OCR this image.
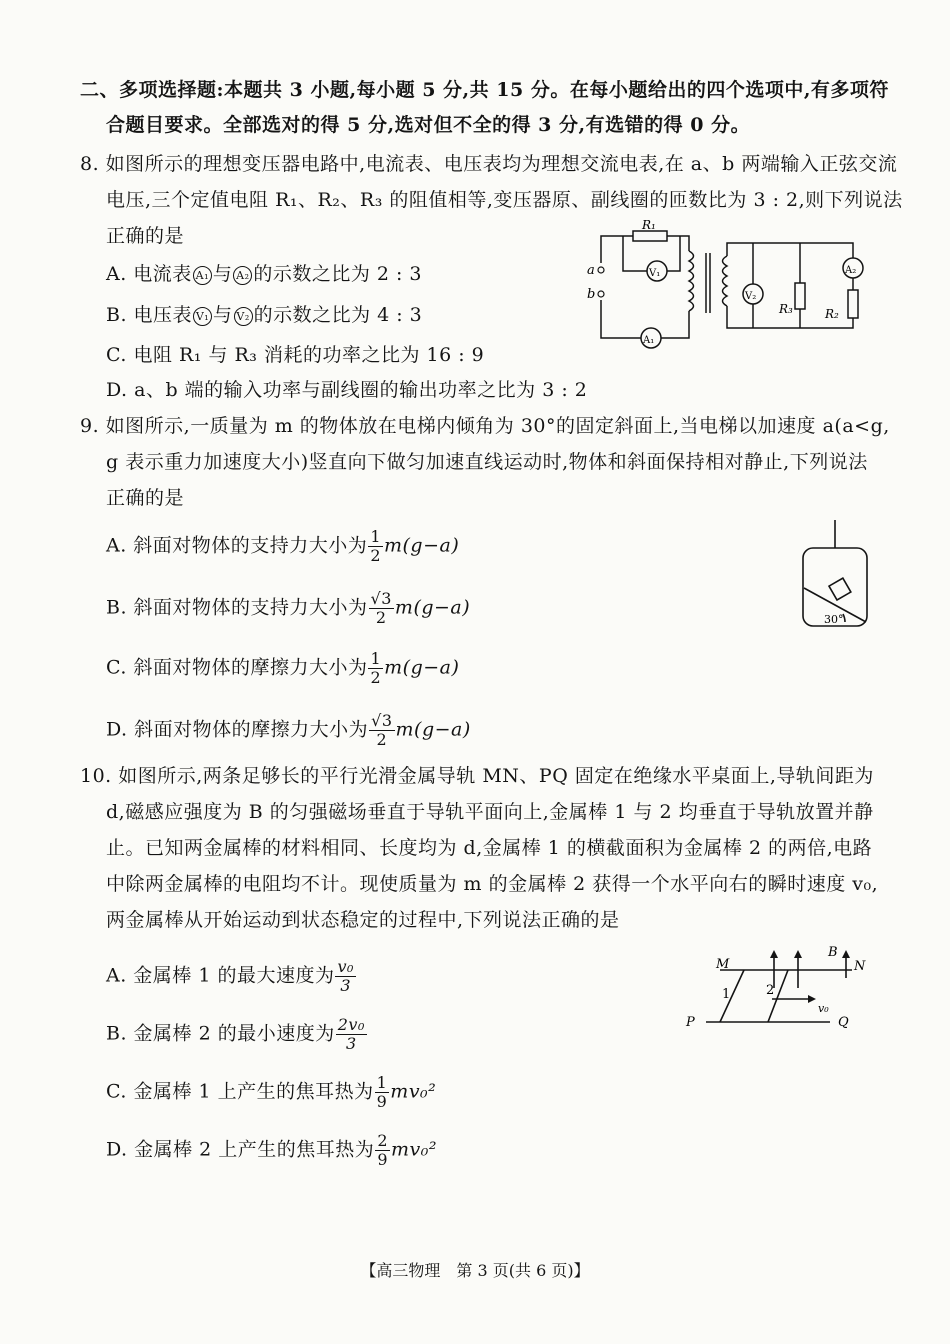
二、多项选择题:本题共 3 小题,每小题 5 分,共 15 分。在每小题给出的四个选项中,有多项符
合题目要求。全部选对的得 5 分,选对但不全的得 3 分,有选错的得 0 分。
8. 如图所示的理想变压器电路中,电流表、电压表均为理想交流电表,在 a、b 两端输入正弦交流
电压,三个定值电阻 R₁、R₂、R₃ 的阻值相等,变压器原、副线圈的匝数比为 3 : 2,则下列说法
正确的是
A. 电流表 A₁ 与 A₂ 的示数之比为 2 : 3
B. 电压表 V₁ 与 V₂ 的示数之比为 4 : 3
C. 电阻 R₁ 与 R₃ 消耗的功率之比为 16 : 9
D. a、b 端的输入功率与副线圈的输出功率之比为 3 : 2
R₁
V₁
A₁
V₂
A₂
R₃	R₂
a
b
9. 如图所示,一质量为 m 的物体放在电梯内倾角为 30°的固定斜面上,当电梯以加速度 a(a<g,
g 表示重力加速度大小)竖直向下做匀加速直线运动时,物体和斜面保持相对静止,下列说法
正确的是
A. 斜面对物体的支持力大小为 $\frac{1}{2} m(g-a)$
B. 斜面对物体的支持力大小为 $\frac{√3}{2} m(g-a)$
C. 斜面对物体的摩擦力大小为 $\frac{1}{2} m(g-a)$
D. 斜面对物体的摩擦力大小为 $\frac{√3}{2} m(g-a)$
30°
10. 如图所示,两条足够长的平行光滑金属导轨 MN、PQ 固定在绝缘水平桌面上,导轨间距为
d,磁感应强度为 B 的匀强磁场垂直于导轨平面向上,金属棒 1 与 2 均垂直于导轨放置并静
止。已知两金属棒的材料相同、长度均为 d,金属棒 1 的横截面积为金属棒 2 的两倍,电路
中除两金属棒的电阻均不计。现使质量为 m 的金属棒 2 获得一个水平向右的瞬时速度 v₀,
两金属棒从开始运动到状态稳定的过程中,下列说法正确的是
A. 金属棒 1 的最大速度为 $\frac{\text{v₀}}{3}$
B. 金属棒 2 的最小速度为 $\frac{\text{2v₀}}{3}$
C. 金属棒 1 上产生的焦耳热为 $\frac{1}{9} mv_0^2$
D. 金属棒 2 上产生的焦耳热为 $\frac{2}{9} mv_0^2$
M	N
P	Q
B
1	2
v₀
【高三物理　第 3 页(共 6 页)】
